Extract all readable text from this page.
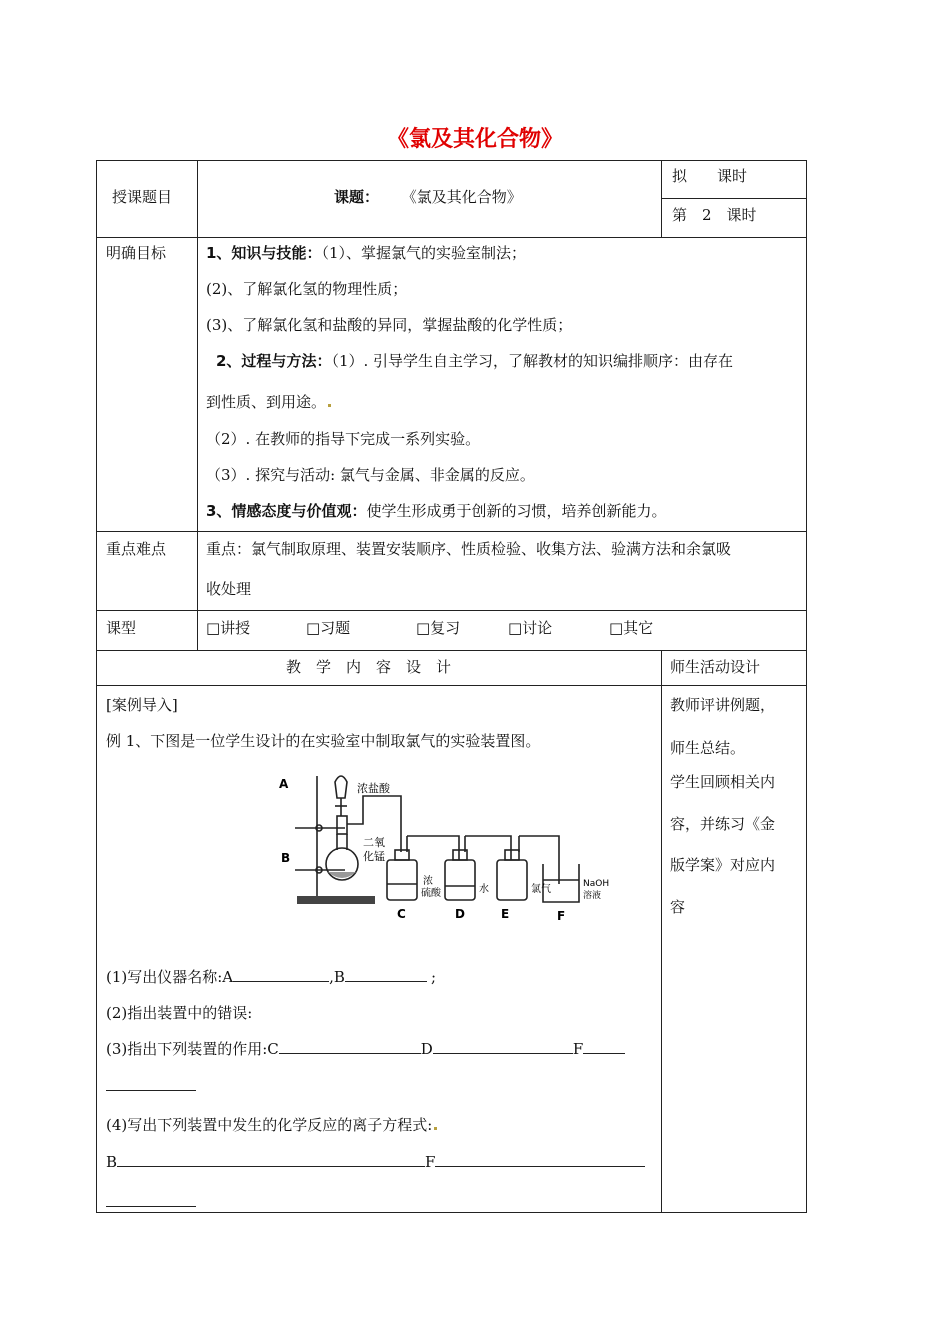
《氯及其化合物》
授课题目	课题： 《氯及其化合物》
拟　　课时
第　2　课时
明确目标	1、知识与技能：（1）、掌握氯气的实验室制法；
(2)、了解氯化氢的物理性质；
(3)、了解氯化氢和盐酸的异同，掌握盐酸的化学性质；
2、过程与方法：（1）. 引导学生自主学习，了解教材的知识编排顺序：由存在
到性质、到用途。
（2）. 在教师的指导下完成一系列实验。
（3）. 探究与活动: 氯气与金属、非金属的反应。
3、情感态度与价值观：使学生形成勇于创新的习惯，培养创新能力。
重点难点	重点：氯气制取原理、装置安装顺序、性质检验、收集方法、验满方法和余氯吸
收处理
课型	□讲授	□习题	□复习	□讨论	□其它
教　学　内　容　设　计	师生活动设计
[案例导入]
例 1、下图是一位学生设计的在实验室中制取氯气的实验装置图。
A
B
C	D	E	F
浓盐酸
二氧
化锰
浓
硫酸	水	氯气	NaOH
溶液
(1)写出仪器名称:A	,B	;
(2)指出装置中的错误:
(3)指出下列装置的作用:C	D	F
(4)写出下列装置中发生的化学反应的离子方程式:
B	F
教师评讲例题，
师生总结。
学生回顾相关内
容，并练习《金
版学案》对应内
容
